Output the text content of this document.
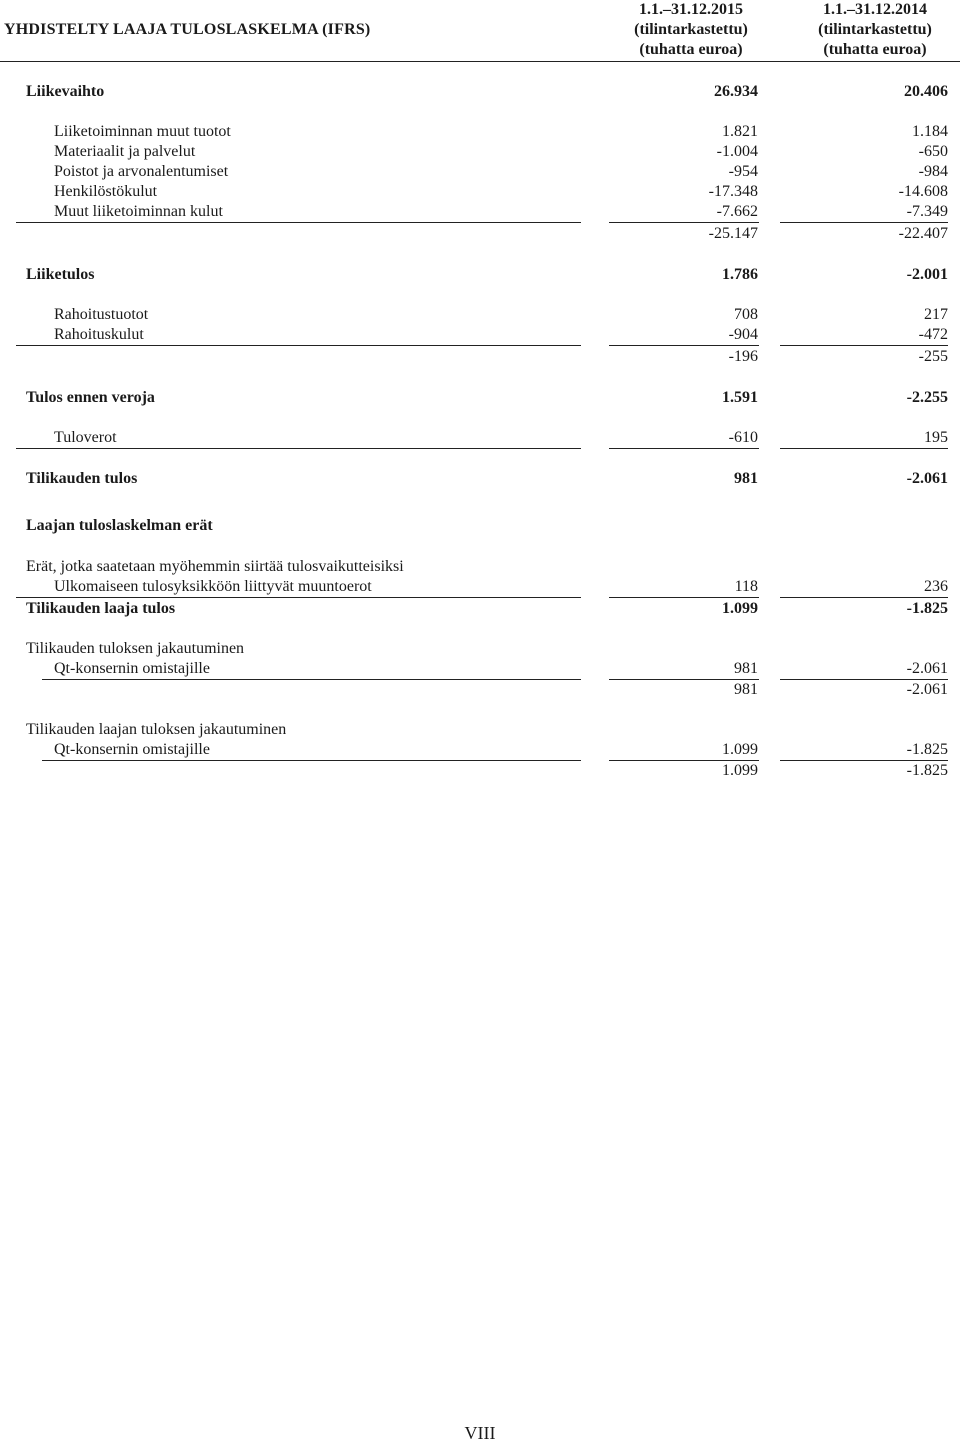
YHDISTELTY LAAJA TULOSLASKELMA (IFRS)
1.1.–31.12.2015
(tilintarkastettu)
(tuhatta euroa)
1.1.–31.12.2014
(tilintarkastettu)
(tuhatta euroa)
Liikevaihto	26.934	20.406
Liiketoiminnan muut tuotot	1.821	1.184
Materiaalit ja palvelut	-1.004	-650
Poistot ja arvonalentumiset	-954	-984
Henkilöstökulut	-17.348	-14.608
Muut liiketoiminnan kulut	-7.662	-7.349
-25.147	-22.407
Liiketulos	1.786	-2.001
Rahoitustuotot	708	217
Rahoituskulut	-904	-472
-196	-255
Tulos ennen veroja	1.591	-2.255
Tuloverot	-610	195
Tilikauden tulos	981	-2.061
Laajan tuloslaskelman erät
Erät, jotka saatetaan myöhemmin siirtää tulosvaikutteisiksi
Ulkomaiseen tulosyksikköön liittyvät muuntoerot	118	236
Tilikauden laaja tulos	1.099	-1.825
Tilikauden tuloksen jakautuminen
Qt-konsernin omistajille	981	-2.061
981	-2.061
Tilikauden laajan tuloksen jakautuminen
Qt-konsernin omistajille	1.099	-1.825
1.099	-1.825
VIII
